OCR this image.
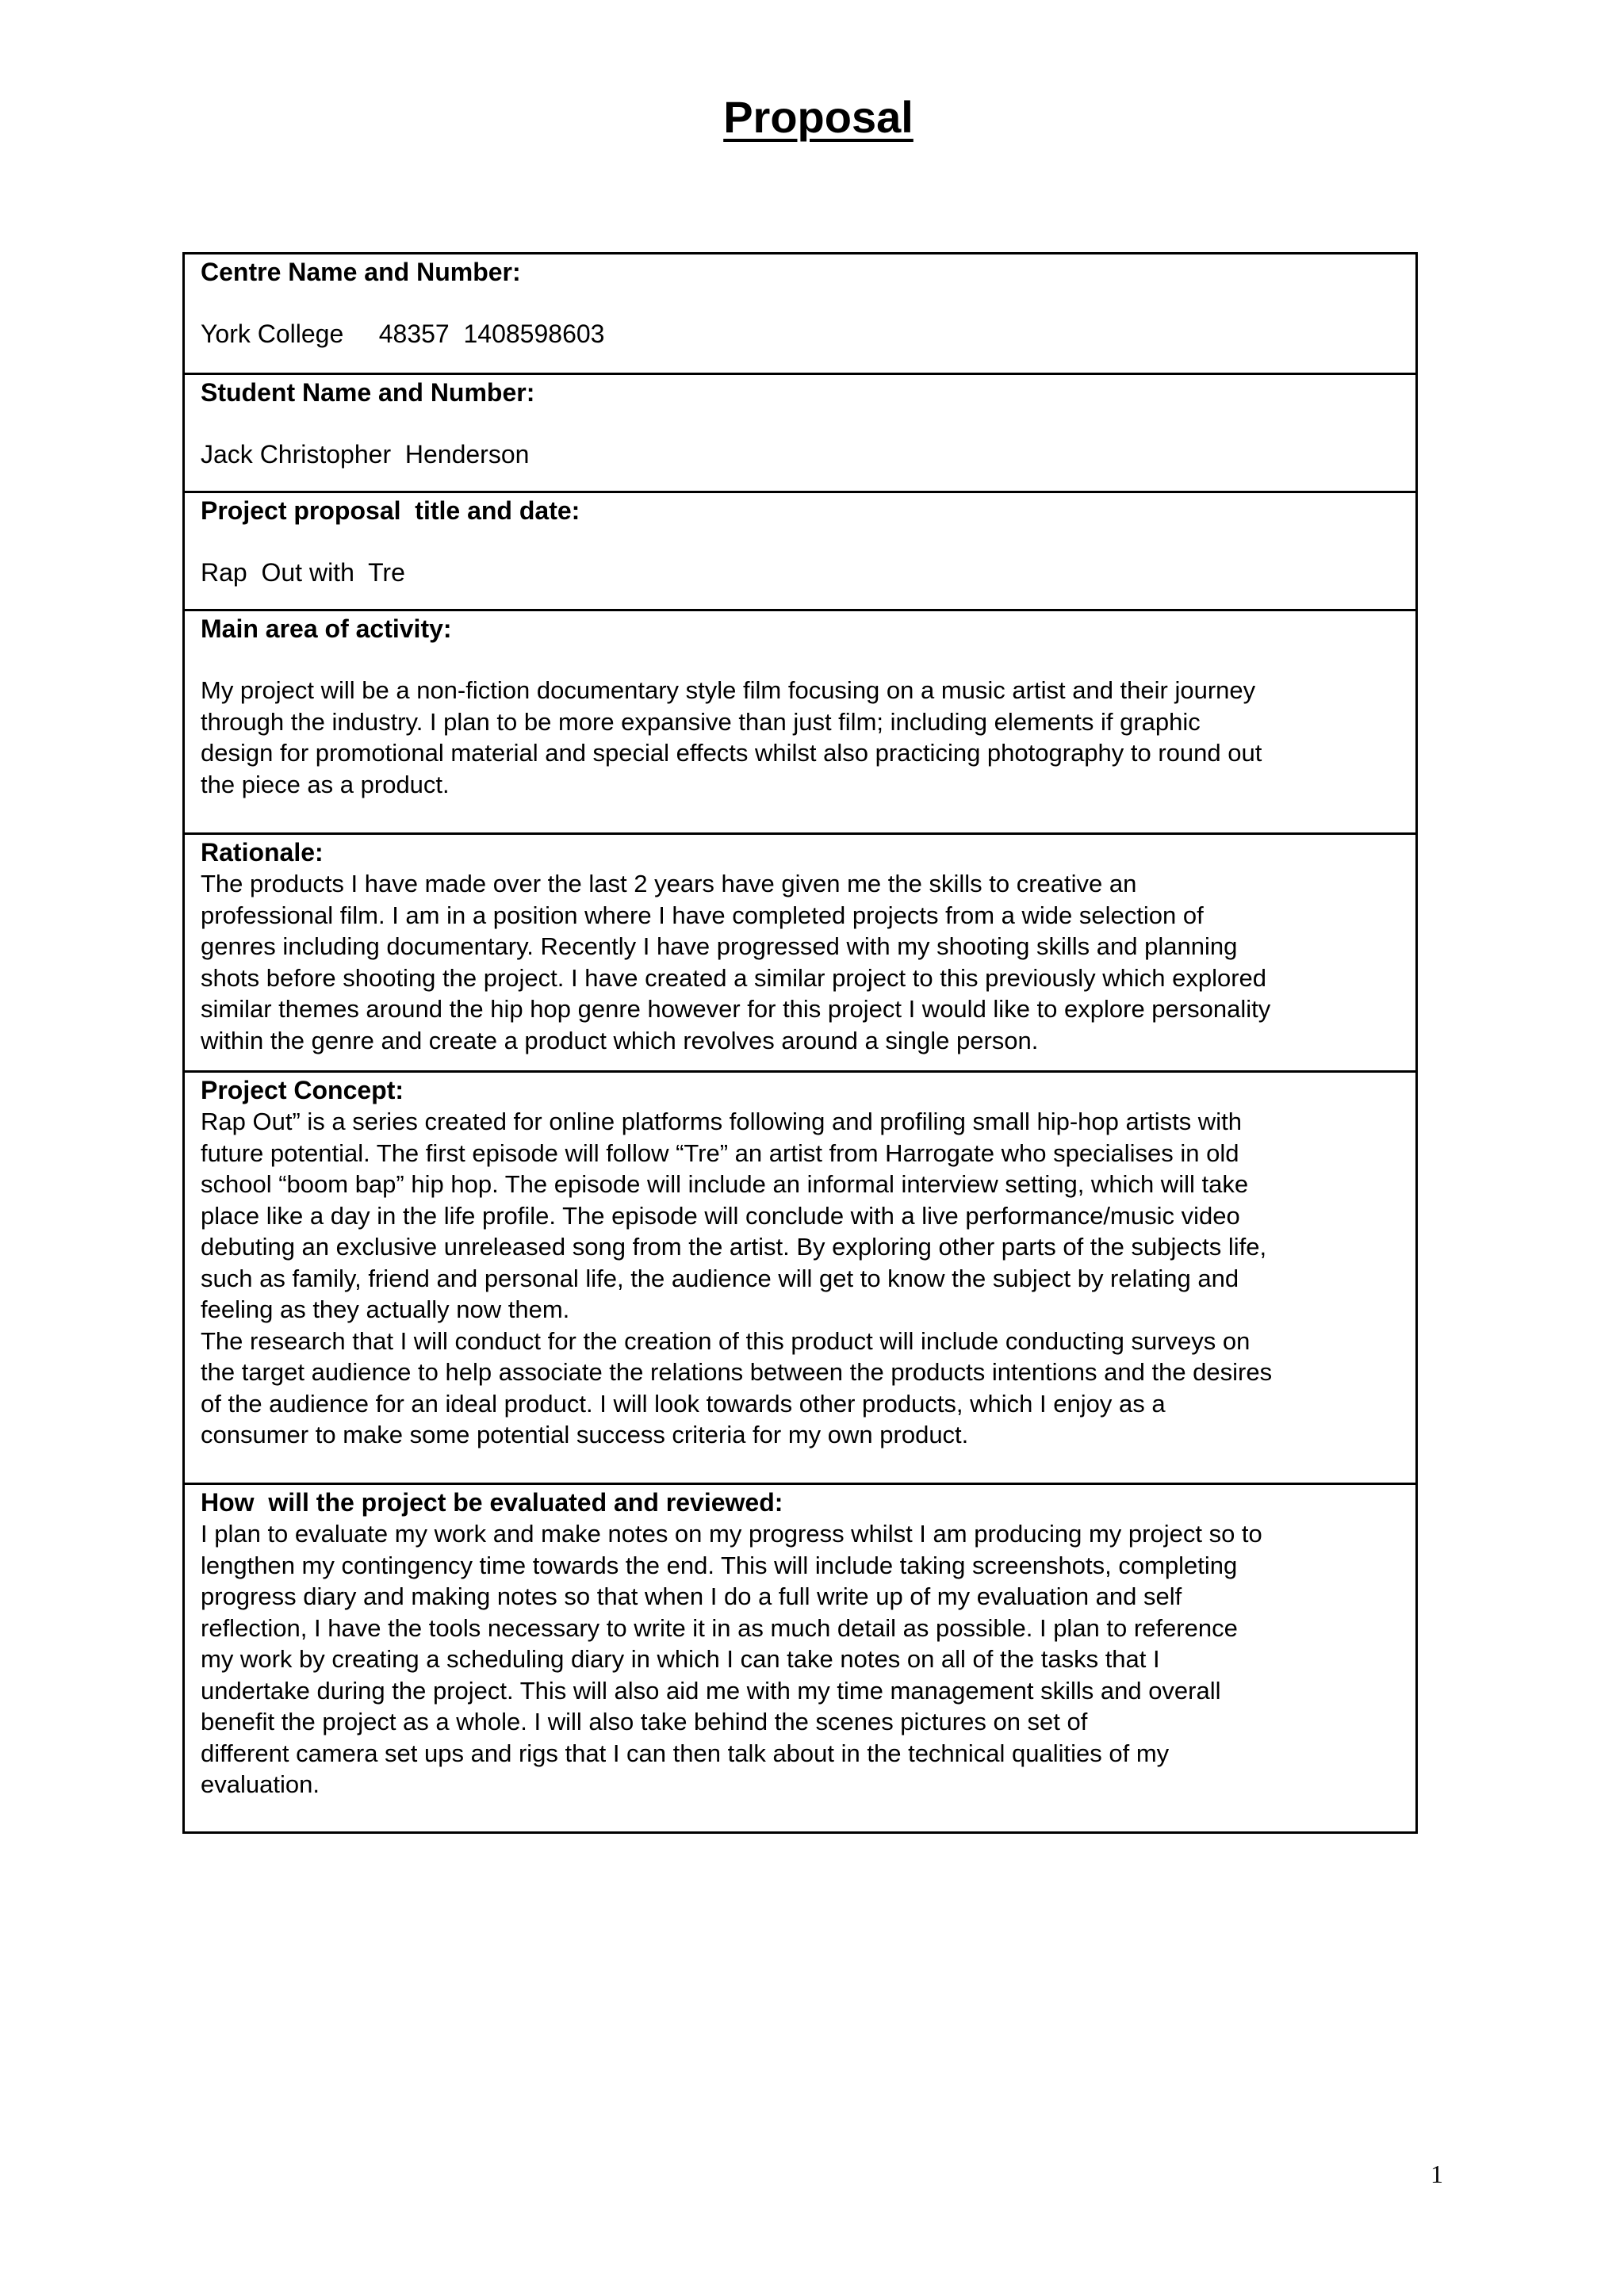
Proposal
Centre Name and Number:
York College     48357  1408598603
Student Name and Number:
Jack Christopher  Henderson
Project proposal  title and date:
Rap  Out with  Tre
Main area of activity:
My project will be a non-fiction documentary style film focusing on a music artist and their journey
through the industry. I plan to be more expansive than just film; including elements if graphic
design for promotional material and special effects whilst also practicing photography to round out
the piece as a product.
Rationale:
The products I have made over the last 2 years have given me the skills to creative an
professional film. I am in a position where I have completed projects from a wide selection of
genres including documentary. Recently I have progressed with my shooting skills and planning
shots before shooting the project. I have created a similar project to this previously which explored
similar themes around the hip hop genre however for this project I would like to explore personality
within the genre and create a product which revolves around a single person.
Project Concept:
Rap Out” is a series created for online platforms following and profiling small hip-hop artists with
future potential. The first episode will follow “Tre” an artist from Harrogate who specialises in old
school “boom bap” hip hop. The episode will include an informal interview setting, which will take
place like a day in the life profile. The episode will conclude with a live performance/music video
debuting an exclusive unreleased song from the artist. By exploring other parts of the subjects life,
such as family, friend and personal life, the audience will get to know the subject by relating and
feeling as they actually now them.
The research that I will conduct for the creation of this product will include conducting surveys on
the target audience to help associate the relations between the products intentions and the desires
of the audience for an ideal product. I will look towards other products, which I enjoy as a
consumer to make some potential success criteria for my own product.
How  will the project be evaluated and reviewed:
I plan to evaluate my work and make notes on my progress whilst I am producing my project so to
lengthen my contingency time towards the end. This will include taking screenshots, completing
progress diary and making notes so that when I do a full write up of my evaluation and self
reflection, I have the tools necessary to write it in as much detail as possible. I plan to reference
my work by creating a scheduling diary in which I can take notes on all of the tasks that I
undertake during the project. This will also aid me with my time management skills and overall
benefit the project as a whole. I will also take behind the scenes pictures on set of
different camera set ups and rigs that I can then talk about in the technical qualities of my
evaluation.
1
